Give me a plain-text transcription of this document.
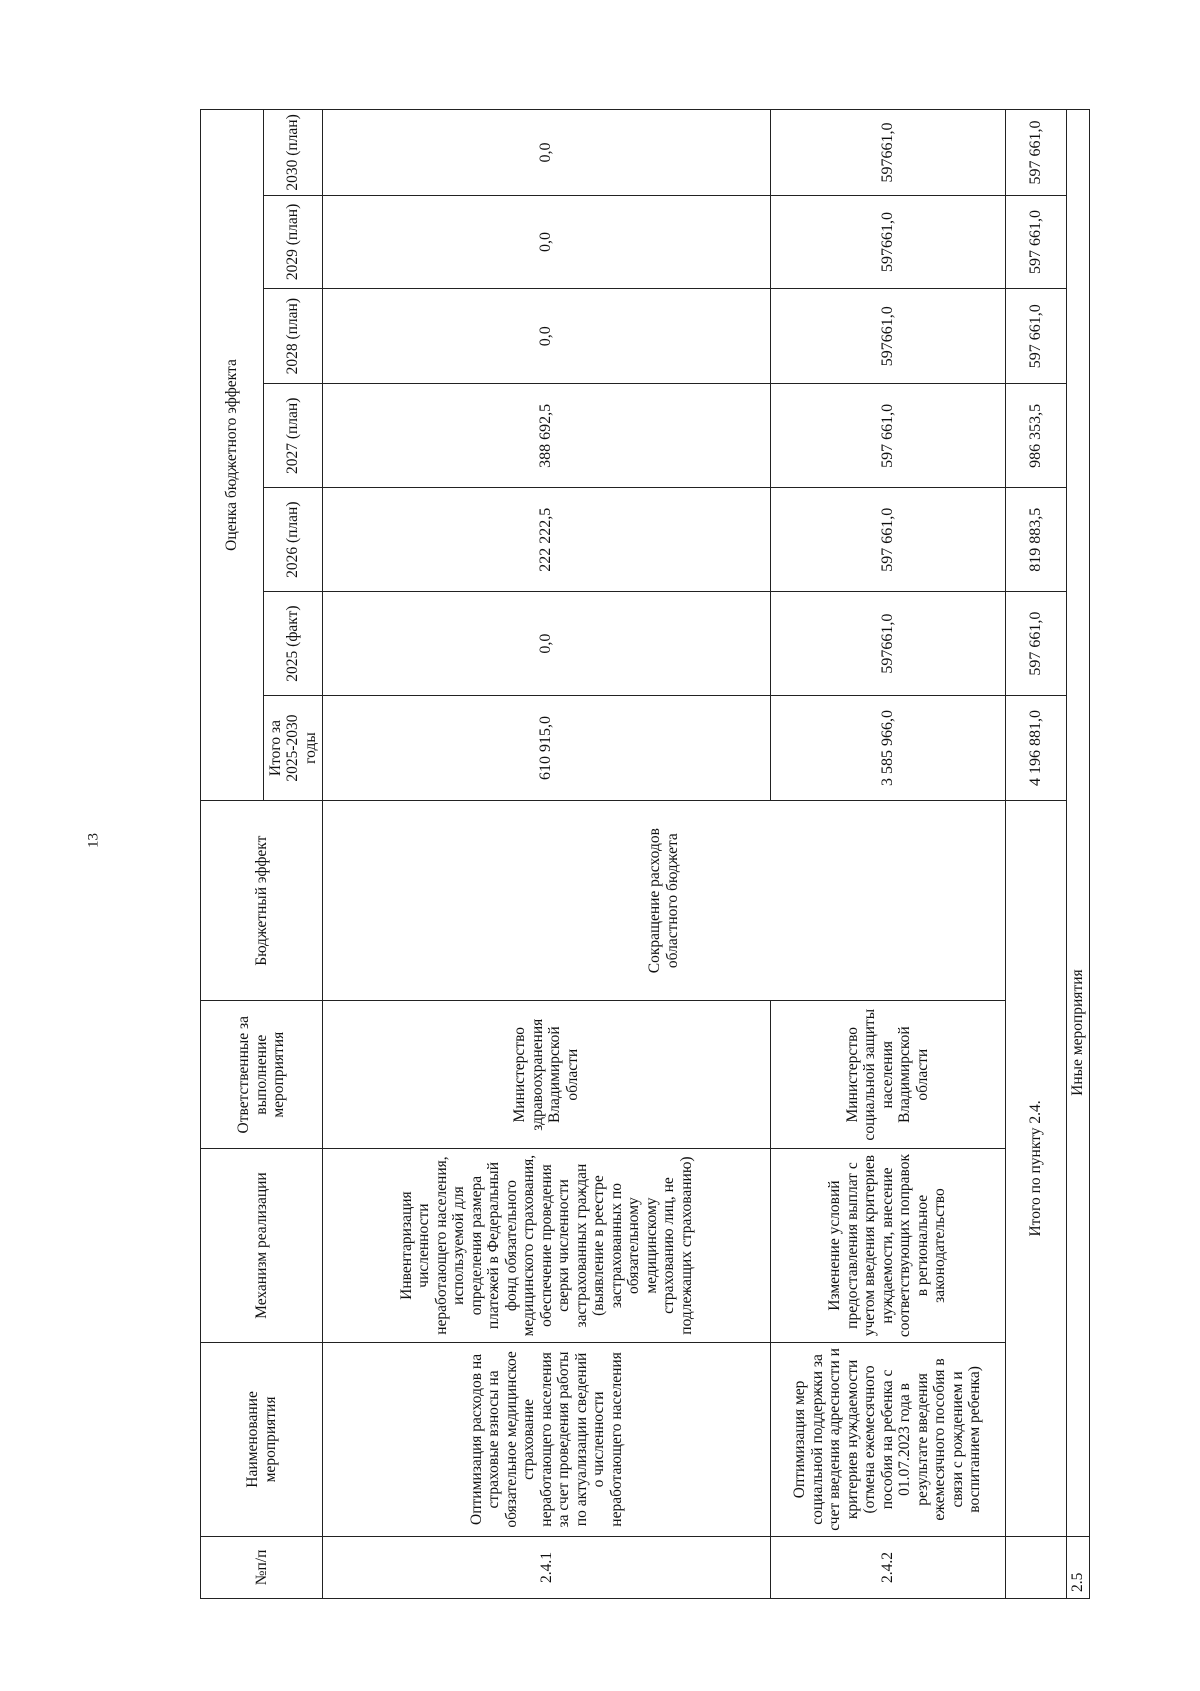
13
№п/п	Наименование мероприятия	Механизм реализации	Ответственные за выполнение мероприятия	Бюджетный эффект	Оценка бюджетного эффекта						
					Итого за 2025-2030 годы	2025 (факт)	2026 (план)	2027 (план)	2028 (план)	2029 (план)	2030 (план)
2.4.1	Оптимизация расходов на страховые взносы на обязательное медицинское страхование неработающего населения за счет проведения работы по актуализации сведений о численности неработающего населения	Инвентаризация численности неработающего населения, используемой для определения размера платежей в Федеральный фонд обязательного медицинского страхования, обеспечение проведения сверки численности застрахованных граждан (выявление в реестре застрахованных по обязательному медицинскому страхованию лиц, не подлежащих страхованию)	Министерство здравоохранения Владимирской области	Сокращение расходов областного бюджета	610 915,0	0,0	222 222,5	388 692,5	0,0	0,0	0,0
2.4.2	Оптимизация мер социальной поддержки за счет введения адресности и критериев нуждаемости (отмена ежемесячного пособия на ребенка с 01.07.2023 года в результате введения ежемесячного пособия в связи с рождением и воспитанием ребенка)	Изменение условий предоставления выплат с учетом введения критериев нуждаемости, внесение соответствующих поправок в региональное законодательство	Министерство социальной защиты населения Владимирской области		3 585 966,0	597661,0	597 661,0	597 661,0	597661,0	597661,0	597661,0
	Итого по пункту 2.4.				4 196 881,0	597 661,0	819 883,5	986 353,5	597 661,0	597 661,0	597 661,0
2.5	Иные мероприятия										
